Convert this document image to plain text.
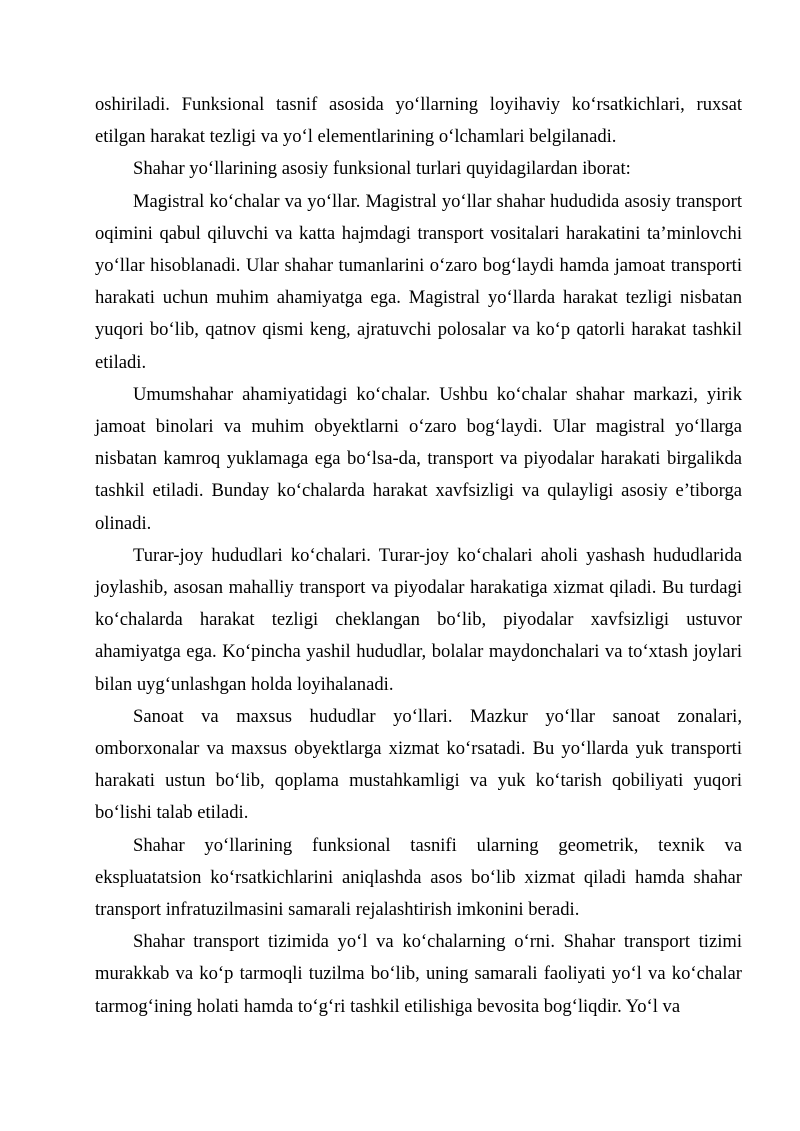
oshiriladi. Funksional tasnif asosida yo‘llarning loyihaviy ko‘rsatkichlari, ruxsat etilgan harakat tezligi va yo‘l elementlarining o‘lchamlari belgilanadi.

Shahar yo‘llarining asosiy funksional turlari quyidagilardan iborat:

Magistral ko‘chalar va yo‘llar. Magistral yo‘llar shahar hududida asosiy transport oqimini qabul qiluvchi va katta hajmdagi transport vositalari harakatini ta’minlovchi yo‘llar hisoblanadi. Ular shahar tumanlarini o‘zaro bog‘laydi hamda jamoat transporti harakati uchun muhim ahamiyatga ega. Magistral yo‘llarda harakat tezligi nisbatan yuqori bo‘lib, qatnov qismi keng, ajratuvchi polosalar va ko‘p qatorli harakat tashkil etiladi.

Umumshahar ahamiyatidagi ko‘chalar. Ushbu ko‘chalar shahar markazi, yirik jamoat binolari va muhim obyektlarni o‘zaro bog‘laydi. Ular magistral yo‘llarga nisbatan kamroq yuklamaga ega bo‘lsa-da, transport va piyodalar harakati birgalikda tashkil etiladi. Bunday ko‘chalarda harakat xavfsizligi va qulayligi asosiy e’tiborga olinadi.

Turar-joy hududlari ko‘chalari. Turar-joy ko‘chalari aholi yashash hududlarida joylashib, asosan mahalliy transport va piyodalar harakatiga xizmat qiladi. Bu turdagi ko‘chalarda harakat tezligi cheklangan bo‘lib, piyodalar xavfsizligi ustuvor ahamiyatga ega. Ko‘pincha yashil hududlar, bolalar maydonchalari va to‘xtash joylari bilan uyg‘unlashgan holda loyihalanadi.

Sanoat va maxsus hududlar yo‘llari. Mazkur yo‘llar sanoat zonalari, omborxonalar va maxsus obyektlarga xizmat ko‘rsatadi. Bu yo‘llarda yuk transporti harakati ustun bo‘lib, qoplama mustahkamligi va yuk ko‘tarish qobiliyati yuqori bo‘lishi talab etiladi.

Shahar yo‘llarining funksional tasnifi ularning geometrik, texnik va ekspluatatsion ko‘rsatkichlarini aniqlashda asos bo‘lib xizmat qiladi hamda shahar transport infratuzilmasini samarali rejalashtirish imkonini beradi.

Shahar transport tizimida yo‘l va ko‘chalarning o‘rni. Shahar transport tizimi murakkab va ko‘p tarmoqli tuzilma bo‘lib, uning samarali faoliyati yo‘l va ko‘chalar tarmog‘ining holati hamda to‘g‘ri tashkil etilishiga bevosita bog‘liqdir. Yo‘l va
